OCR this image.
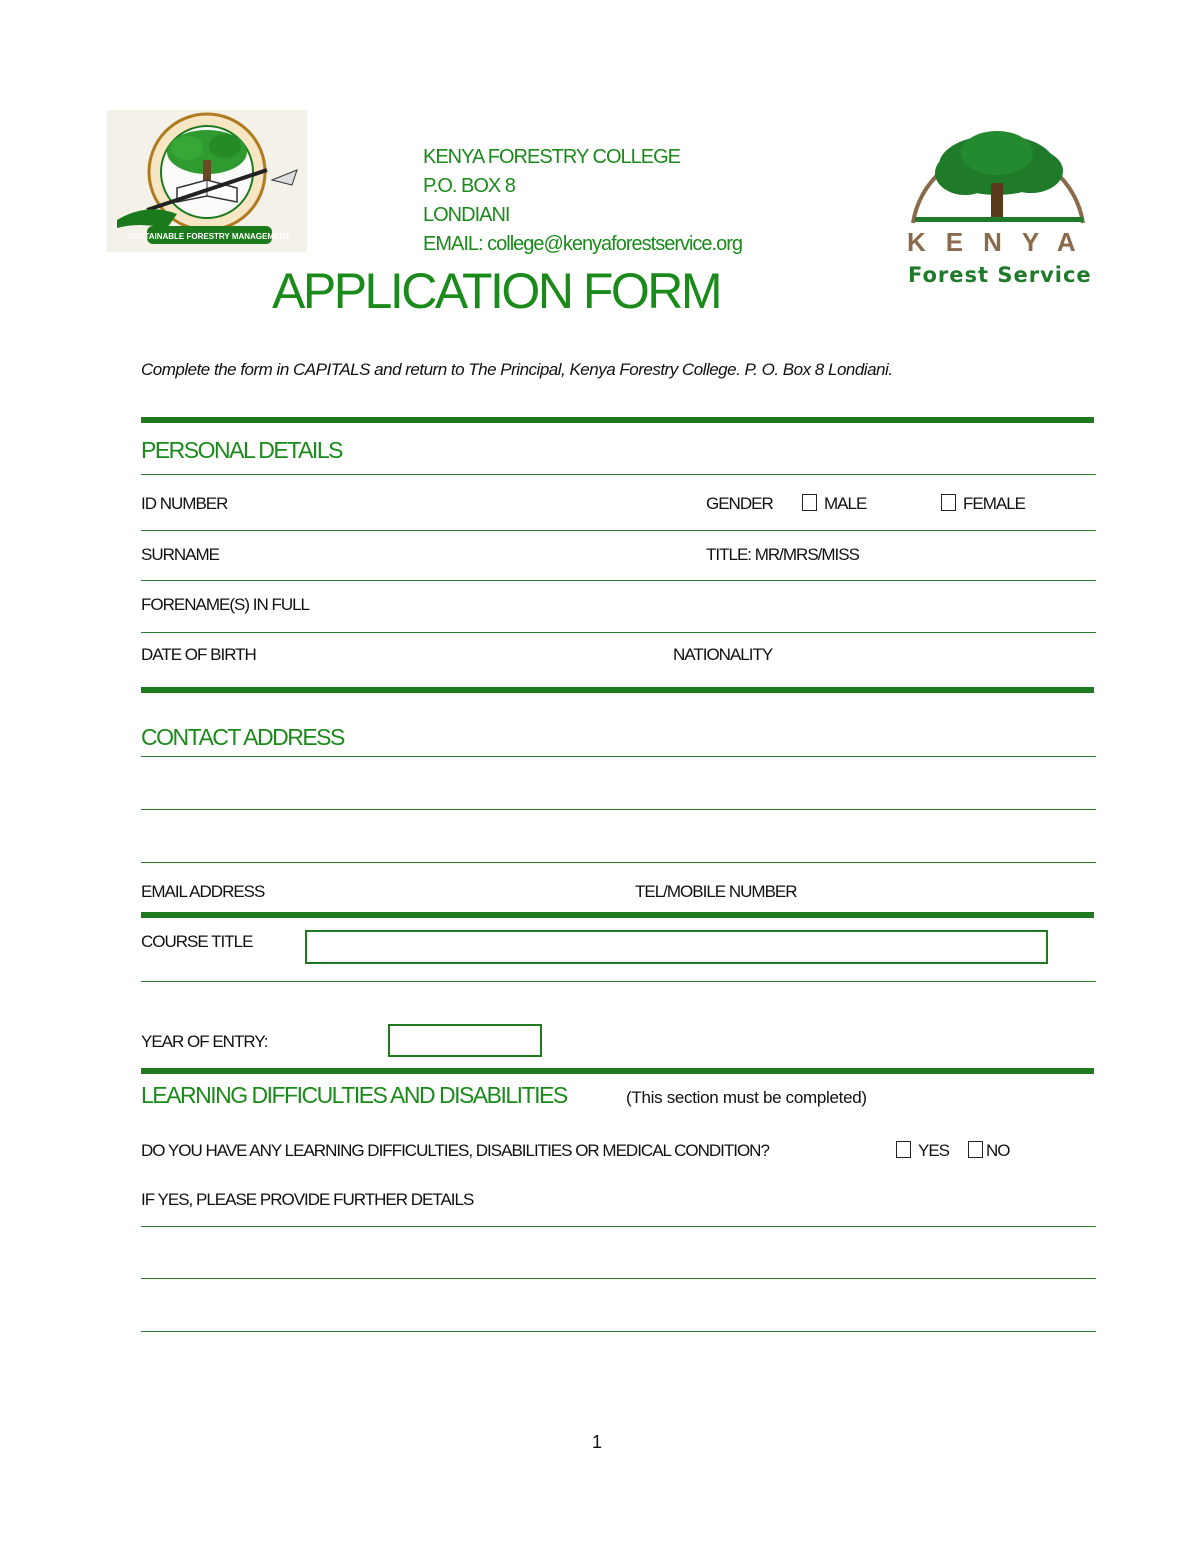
SUSTAINABLE FORESTRY MANAGEMENT
KENYA FORESTRY COLLEGE
P.O. BOX 8
LONDIANI
EMAIL: college@kenyaforestservice.org	KENYA
Forest Service
APPLICATION FORM
Complete the form in CAPITALS and return to The Principal, Kenya Forestry College. P. O. Box 8 Londiani.
PERSONAL DETAILS
ID NUMBER	GENDER	MALE	FEMALE
SURNAME	TITLE: MR/MRS/MISS
FORENAME(S) IN FULL
DATE OF BIRTH	NATIONALITY
CONTACT ADDRESS
EMAIL ADDRESS	TEL/MOBILE NUMBER
COURSE TITLE
YEAR OF ENTRY:
LEARNING DIFFICULTIES AND DISABILITIES	(This section must be completed)
DO YOU HAVE ANY LEARNING DIFFICULTIES, DISABILITIES OR MEDICAL CONDITION?	YES	NO
IF YES, PLEASE PROVIDE FURTHER DETAILS
1
